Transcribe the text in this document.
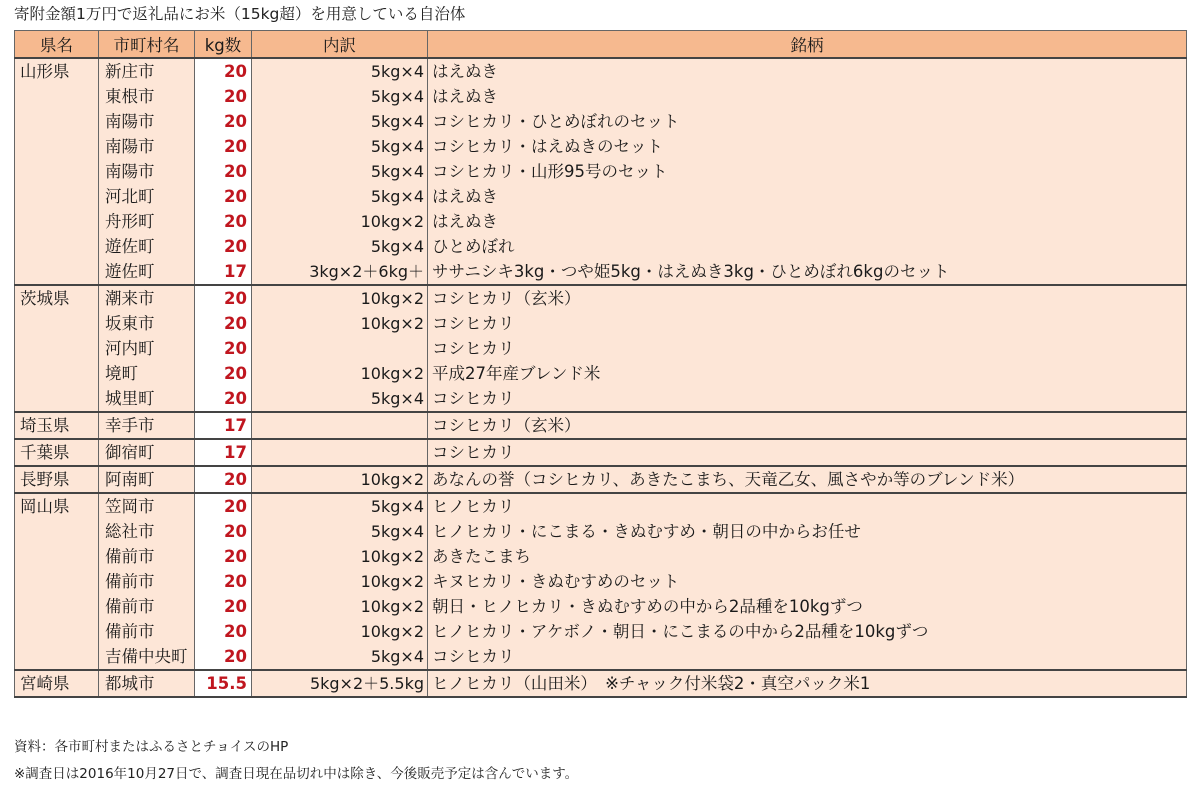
寄附金額1万円で返礼品にお米（15kg超）を用意している自治体
県名	市町村名	kg数	内訳	銘柄
山形県	新庄市	20	5kg×4	はえぬき
	東根市	20	5kg×4	はえぬき
	南陽市	20	5kg×4	コシヒカリ・ひとめぼれのセット
	南陽市	20	5kg×4	コシヒカリ・はえぬきのセット
	南陽市	20	5kg×4	コシヒカリ・山形95号のセット
	河北町	20	5kg×4	はえぬき
	舟形町	20	10kg×2	はえぬき
	遊佐町	20	5kg×4	ひとめぼれ
	遊佐町	17	3kg×2＋6kg＋	ササニシキ3kg・つや姫5kg・はえぬき3kg・ひとめぼれ6kgのセット
茨城県	潮来市	20	10kg×2	コシヒカリ（玄米）
	坂東市	20	10kg×2	コシヒカリ
	河内町	20		コシヒカリ
	境町	20	10kg×2	平成27年産ブレンド米
	城里町	20	5kg×4	コシヒカリ
埼玉県	幸手市	17		コシヒカリ（玄米）
千葉県	御宿町	17		コシヒカリ
長野県	阿南町	20	10kg×2	あなんの誉（コシヒカリ、あきたこまち、天竜乙女、風さやか等のブレンド米）
岡山県	笠岡市	20	5kg×4	ヒノヒカリ
	総社市	20	5kg×4	ヒノヒカリ・にこまる・きぬむすめ・朝日の中からお任せ
	備前市	20	10kg×2	あきたこまち
	備前市	20	10kg×2	キヌヒカリ・きぬむすめのセット
	備前市	20	10kg×2	朝日・ヒノヒカリ・きぬむすめの中から2品種を10kgずつ
	備前市	20	10kg×2	ヒノヒカリ・アケボノ・朝日・にこまるの中から2品種を10kgずつ
	吉備中央町	20	5kg×4	コシヒカリ
宮崎県	都城市	15.5	5kg×2＋5.5kg	ヒノヒカリ（山田米）　※チャック付米袋2・真空パック米1
資料：各市町村またはふるさとチョイスのHP
※調査日は2016年10月27日で、調査日現在品切れ中は除き、今後販売予定は含んでいます。
